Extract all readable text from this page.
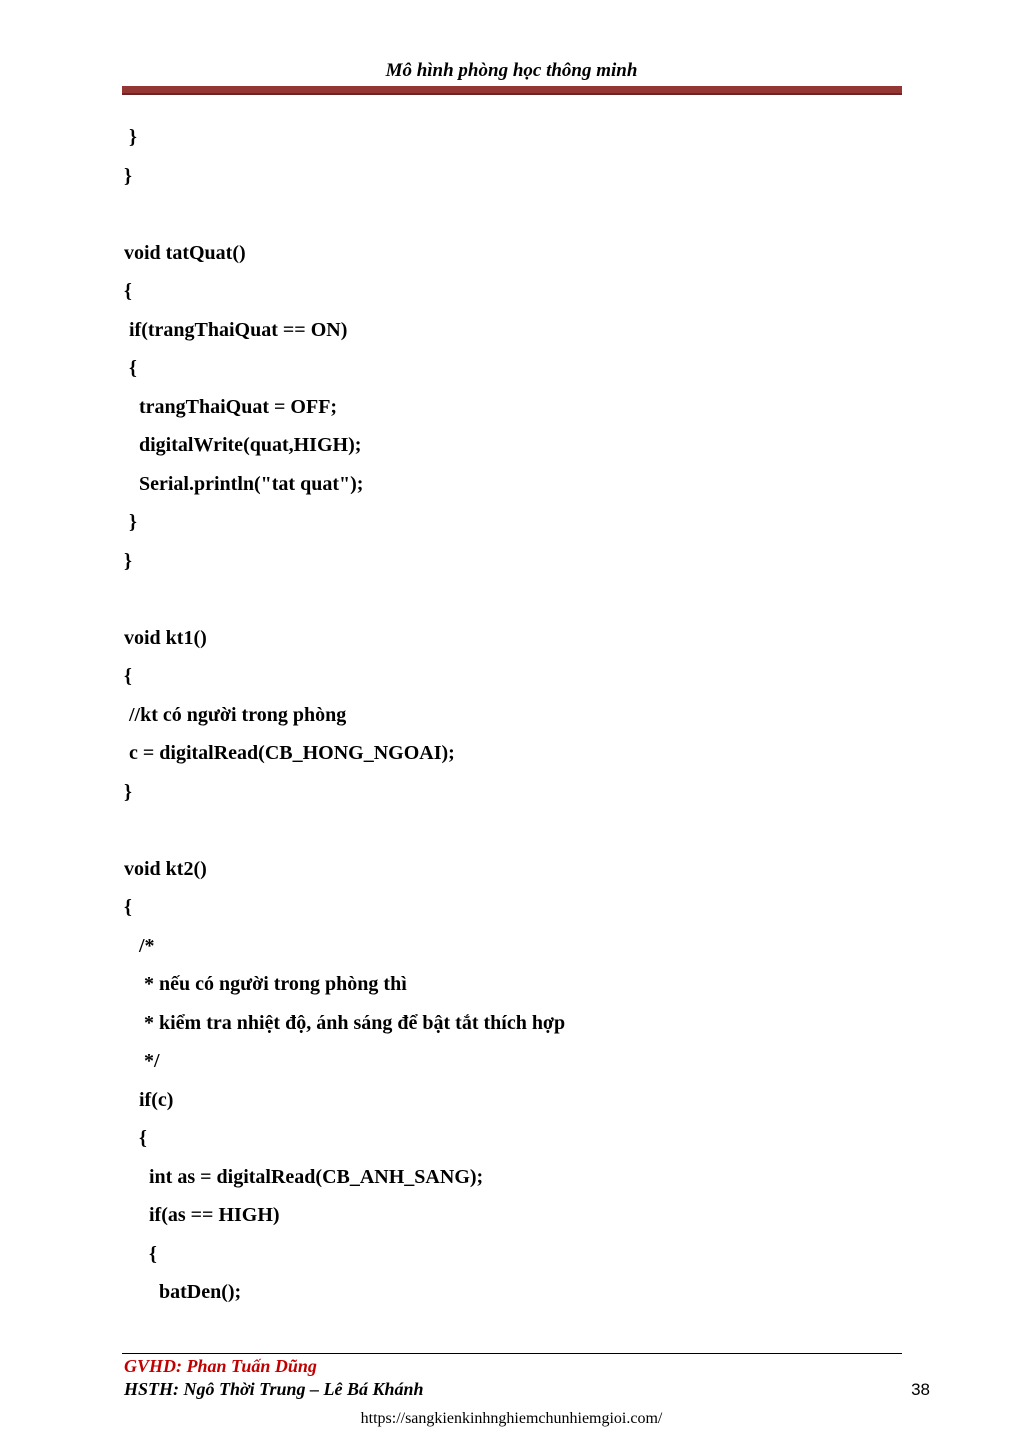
Mô hình phòng học thông minh
}
}
void tatQuat()
{
if(trangThaiQuat == ON)
{
trangThaiQuat = OFF;
digitalWrite(quat,HIGH);
Serial.println("tat quat");
}
}
void kt1()
{
//kt có người trong phòng
c = digitalRead(CB_HONG_NGOAI);
}
void kt2()
{
/*
* nếu có người trong phòng thì
* kiểm tra nhiệt độ, ánh sáng để bật tắt thích hợp
*/
if(c)
{
int as = digitalRead(CB_ANH_SANG);
if(as == HIGH)
{
batDen();
GVHD: Phan Tuấn Dũng
HSTH: Ngô Thời Trung – Lê Bá Khánh	38
https://sangkienkinhnghiemchunhiemgioi.com/
